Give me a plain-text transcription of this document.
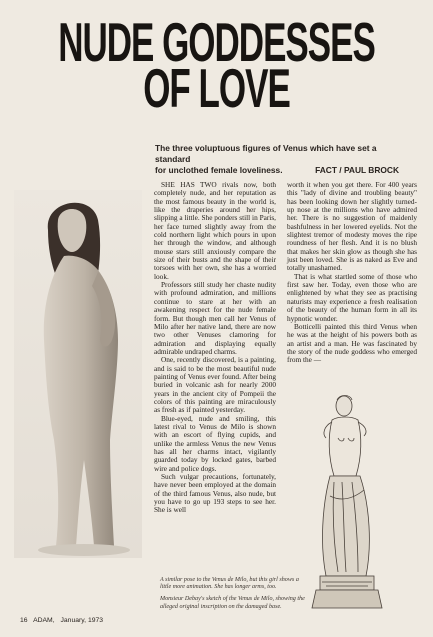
NUDE GODDESSES
OF LOVE
The three voluptuous figures of Venus which have set a standard
for unclothed female loveliness.	FACT / PAUL BROCK

SHE HAS TWO rivals now, both completely nude, and her reputation as the most famous beauty in the world is, like the draperies around her hips, slipping a little. She ponders still in Paris, her face turned slightly away from the cold northern light which pours in upon her through the window, and although mouse stars still anxiously compare the size of their busts and the shape of their torsoes with her own, she has a worried look.

Professors still study her chaste nudity with profound admiration, and millions continue to stare at her with an awakening respect for the nude female form. But though men call her Venus of Milo after her native land, there are now two other Venuses clamoring for admiration and displaying equally admirable undraped charms.

One, recently discovered, is a painting, and is said to be the most beautiful nude painting of Venus ever found. After being buried in volcanic ash for nearly 2000 years in the ancient city of Pompeii the colors of this painting are miraculously as fresh as if painted yesterday.

Blue-eyed, nude and smiling, this latest rival to Venus de Milo is shown with an escort of flying cupids, and unlike the armless Venus the new Venus has all her charms intact, vigilantly guarded today by locked gates, barbed wire and police dogs.

Such vulgar precautions, fortunately, have never been employed at the domain of the third famous Venus, also nude, but you have to go up 193 steps to see her. She is well

worth it when you get there. For 400 years this "lady of divine and troubling beauty" has been looking down her slightly turned-up nose at the millions who have admired her. There is no suggestion of maidenly bashfulness in her lowered eyelids. Not the slightest tremor of modesty moves the ripe roundness of her flesh. And it is no blush that makes her skin glow as though she has just been loved. She is as naked as Eve and totally unashamed.

That is what startled some of those who first saw her. Today, even those who are enlightened by what they see as practising naturists may experience a fresh realisation of the beauty of the human form in all its hypnotic wonder.

Botticelli painted this third Venus when he was at the height of his powers both as an artist and a man. He was fascinated by the story of the nude goddess who emerged from the —

A similar pose to the Venus de Milo, but this girl shows a little more animation. She has longer arms, too.

Monsieur Debay's sketch of the Venus de Milo, showing the alleged original inscription on the damaged base.

16 ADAM, January, 1973
